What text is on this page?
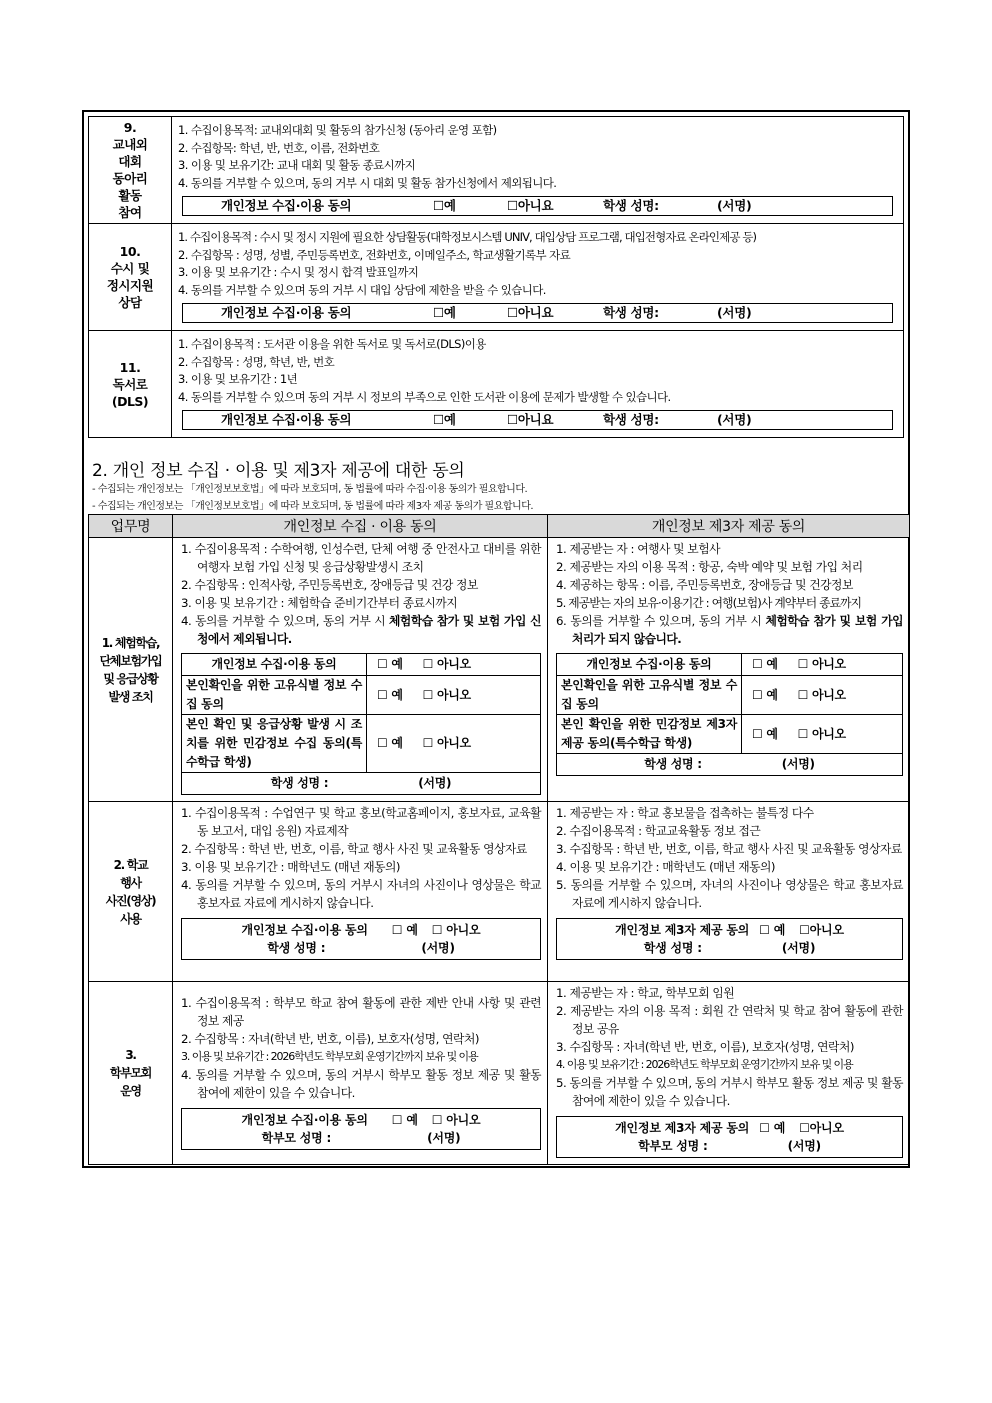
9.
교내외
대회
동아리
활동
참여

1. 수집이용목적: 교내외대회 및 활동의 참가신청 (동아리 운영 포함)
2. 수집항목: 학년, 반, 번호, 이름, 전화번호
3. 이용 및 보유기간: 교내 대회 및 활동 종료시까지
4. 동의를 거부할 수 있으며, 동의 거부 시 대회 및 활동 참가신청에서 제외됩니다.
개인정보 수집·이용 동의	☐예	☐아니요	학생 성명:	(서명)

10.
수시 및
정시지원
상담

1. 수집이용목적 : 수시 및 정시 지원에 필요한 상담활동(대학정보시스템 UNIV, 대입상담 프로그램, 대입전형자료 온라인제공 등)
2. 수집항목 : 성명, 성별, 주민등록번호, 전화번호, 이메일주소, 학교생활기록부 자료
3. 이용 및 보유기간 : 수시 및 정시 합격 발표일까지
4. 동의를 거부할 수 있으며 동의 거부 시 대입 상담에 제한을 받을 수 있습니다.
개인정보 수집·이용 동의	☐예	☐아니요	학생 성명:	(서명)

11.
독서로
(DLS)

1. 수집이용목적 : 도서관 이용을 위한 독서로 및 독서로(DLS)이용
2. 수집항목 : 성명, 학년, 반, 번호
3. 이용 및 보유기간 : 1년
4. 동의를 거부할 수 있으며 동의 거부 시 정보의 부족으로 인한 도서관 이용에 문제가 발생할 수 있습니다.
개인정보 수집·이용 동의	☐예	☐아니요	학생 성명:	(서명)
2. 개인 정보 수집 · 이용 및 제3자 제공에 대한 동의
- 수집되는 개인정보는 「개인정보보호법」에 따라 보호되며, 동 법률에 따라 수집·이용 동의가 필요합니다.
- 수집되는 개인정보는 「개인정보보호법」에 따라 보호되며, 동 법률에 따라 제3자 제공 동의가 필요합니다.
업무명	개인정보 수집 · 이용 동의	개인정보 제3자 제공 동의

1. 체험학습,
단체보험가입
및 응급상황
발생 조치

1. 수집이용목적 : 수학여행, 인성수련, 단체 여행 중 안전사고 대비를 위한 여행자 보험 가입 신청 및 응급상황발생시 조치
2. 수집항목 : 인적사항, 주민등록번호, 장애등급 및 건강 정보
3. 이용 및 보유기간 : 체험학습 준비기간부터 종료시까지
4. 동의를 거부할 수 있으며, 동의 거부 시 체험학습 참가 및 보험 가입 신청에서 제외됩니다.
개인정보 수집·이용 동의	☐ 예 ☐ 아니오
본인확인을 위한 고유식별 정보 수집 동의	☐ 예 ☐ 아니오
본인 확인 및 응급상황 발생 시 조치를 위한 민감정보 수집 동의(특수학급 학생)	☐ 예 ☐ 아니오
학생 성명 :	(서명)

1. 제공받는 자 : 여행사 및 보험사
2. 제공받는 자의 이용 목적 : 항공, 숙박 예약 및 보험 가입 처리
4. 제공하는 항목 : 이름, 주민등록번호, 장애등급 및 건강정보
5. 제공받는 자의 보유·이용기간 : 여행(보험)사 계약부터 종료까지
6. 동의를 거부할 수 있으며, 동의 거부 시 체험학습 참가 및 보험 가입 처리가 되지 않습니다.
개인정보 수집·이용 동의	☐ 예 ☐ 아니오
본인확인을 위한 고유식별 정보 수집 동의	☐ 예 ☐ 아니오
본인 확인을 위한 민감정보 제3자 제공 동의(특수학급 학생)	☐ 예 ☐ 아니오
학생 성명 :	(서명)

2. 학교
행사
사진(영상)
사용

1. 수집이용목적 : 수업연구 및 학교 홍보(학교홈페이지, 홍보자료, 교육활동 보고서, 대입 응원) 자료제작
2. 수집항목 : 학년 반, 번호, 이름, 학교 행사 사진 및 교육활동 영상자료
3. 이용 및 보유기간 : 매학년도 (매년 재동의)
4. 동의를 거부할 수 있으며, 동의 거부시 자녀의 사진이나 영상물은 학교 홍보자료 자료에 게시하지 않습니다.
개인정보 수집·이용 동의 ☐ 예 ☐ 아니오
학생 성명 :	(서명)

1. 제공받는 자 : 학교 홍보물을 접촉하는 불특정 다수
2. 수집이용목적 : 학교교육활동 정보 접근
3. 수집항목 : 학년 반, 번호, 이름, 학교 행사 사진 및 교육활동 영상자료
4. 이용 및 보유기간 : 매학년도 (매년 재동의)
5. 동의를 거부할 수 있으며, 자녀의 사진이나 영상물은 학교 홍보자료 자료에 게시하지 않습니다.
개인정보 제3자 제공 동의 ☐ 예 ☐아니오
학생 성명 :	(서명)

3.
학부모회
운영

1. 수집이용목적 : 학부모 학교 참여 활동에 관한 제반 안내 사항 및 관련 정보 제공
2. 수집항목 : 자녀(학년 반, 번호, 이름), 보호자(성명, 연락처)
3. 이용 및 보유기간 : 2026학년도 학부모회 운영기간까지 보유 및 이용
4. 동의를 거부할 수 있으며, 동의 거부시 학부모 활동 정보 제공 및 활동 참여에 제한이 있을 수 있습니다.
개인정보 수집·이용 동의 ☐ 예 ☐ 아니오
학부모 성명 :	(서명)

1. 제공받는 자 : 학교, 학부모회 임원
2. 제공받는 자의 이용 목적 : 회원 간 연락처 및 학교 참여 활동에 관한 정보 공유
3. 수집항목 : 자녀(학년 반, 번호, 이름), 보호자(성명, 연락처)
4. 이용 및 보유기간 : 2026학년도 학부모회 운영기간까지 보유 및 이용
5. 동의를 거부할 수 있으며, 동의 거부시 학부모 활동 정보 제공 및 활동 참여에 제한이 있을 수 있습니다.
개인정보 제3자 제공 동의 ☐ 예 ☐아니오
학부모 성명 :	(서명)
